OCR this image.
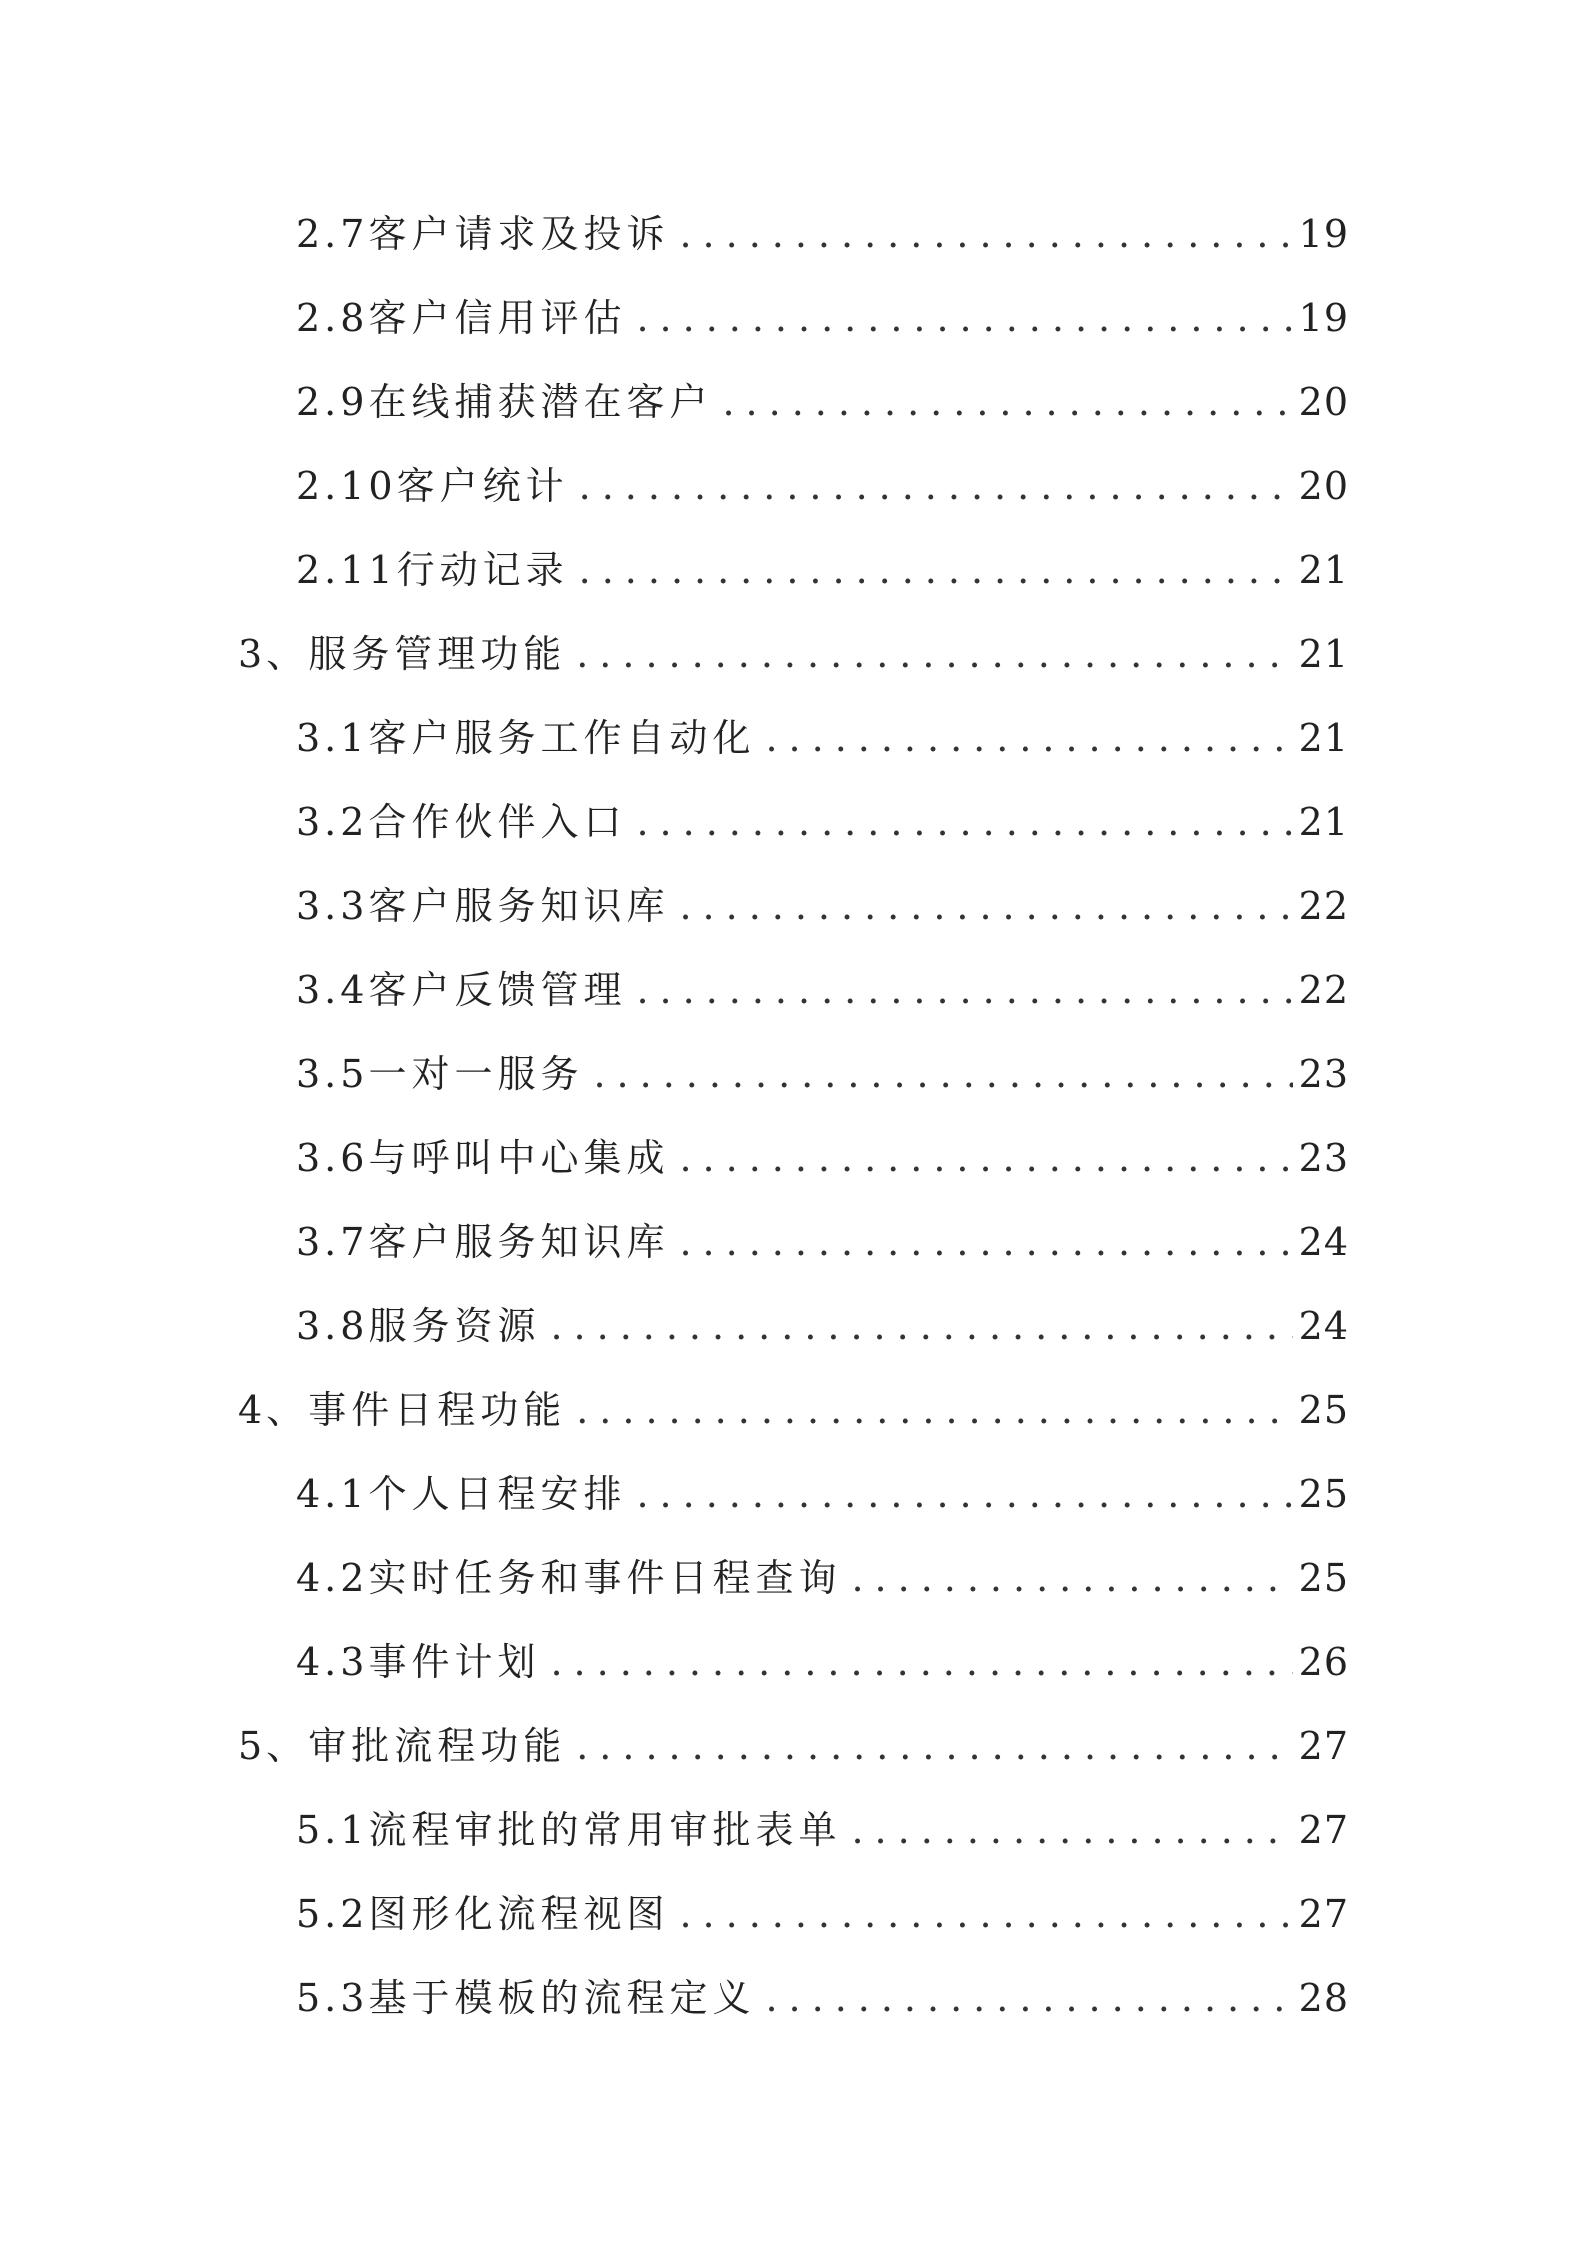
2.7 客户请求及投诉 .....	19
2.8 客户信用评估 .....	19
2.9 在线捕获潜在客户 .....	20
2.10 客户统计 .....	20
2.11 行动记录 .....	21
3、 服务管理功能 .....	21
3.1 客户服务工作自动化 .....	21
3.2 合作伙伴入口 .....	21
3.3 客户服务知识库 .....	22
3.4 客户反馈管理 .....	22
3.5 一对一服务 .....	23
3.6 与呼叫中心集成 .....	23
3.7 客户服务知识库 .....	24
3.8 服务资源 .....	24
4、 事件日程功能 .....	25
4.1 个人日程安排 .....	25
4.2 实时任务和事件日程查询 .....	25
4.3 事件计划 .....	26
5、 审批流程功能 .....	27
5.1 流程审批的常用审批表单 .....	27
5.2 图形化流程视图 .....	27
5.3 基于模板的流程定义 .....	28
